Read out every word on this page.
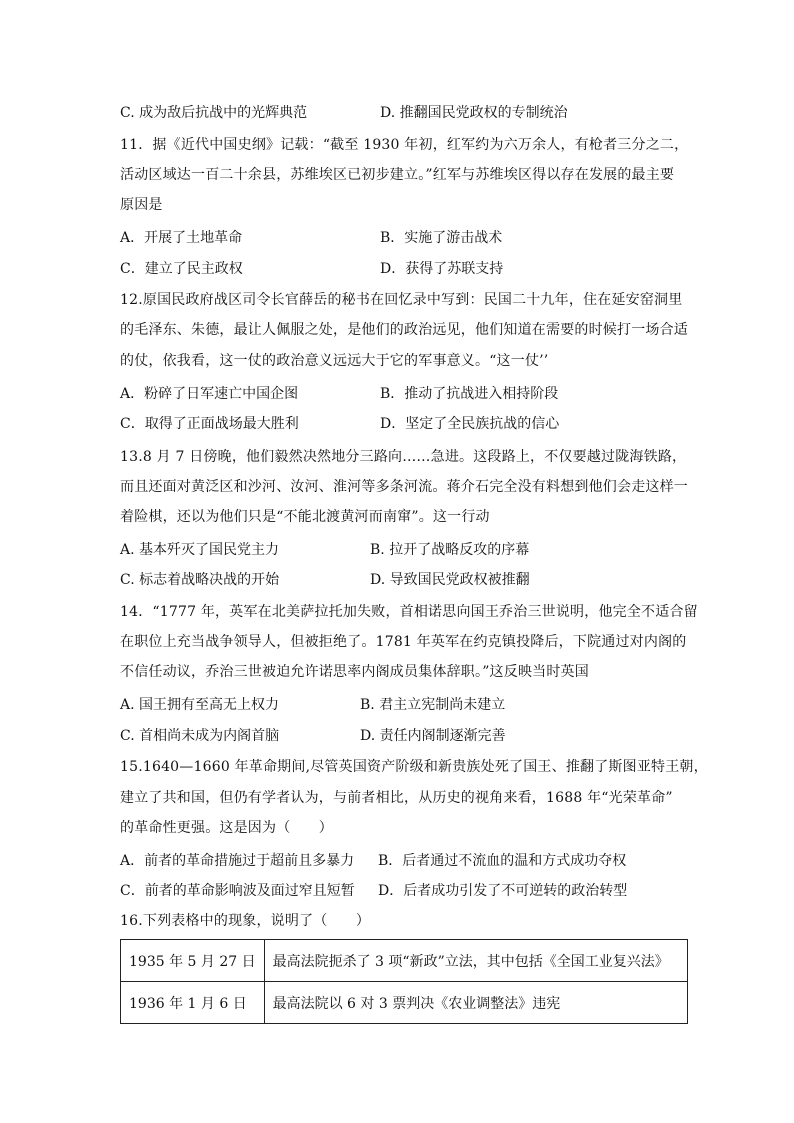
C. 成为敌后抗战中的光辉典范	D. 推翻国民党政权的专制统治
11．据《近代中国史纲》记载：“截至 1930 年初，红军约为六万余人，有枪者三分之二，
活动区域达一百二十余县，苏维埃区已初步建立。”红军与苏维埃区得以存在发展的最主要
原因是
A．开展了土地革命	B．实施了游击战术
C．建立了民主政权	D．获得了苏联支持
12.原国民政府战区司令长官薛岳的秘书在回忆录中写到：民国二十九年，住在延安窑洞里
的毛泽东、朱德，最让人佩服之处，是他们的政治远见，他们知道在需要的时候打一场合适
的仗，依我看，这一仗的政治意义远远大于它的军事意义。“这一仗’’
A．粉碎了日军速亡中国企图	B．推动了抗战进入相持阶段
C．取得了正面战场最大胜利	D．坚定了全民族抗战的信心
13.8 月 7 日傍晚，他们毅然决然地分三路向……急进。这段路上，不仅要越过陇海铁路，
而且还面对黄泛区和沙河、汝河、淮河等多条河流。蒋介石完全没有料想到他们会走这样一
着险棋，还以为他们只是“不能北渡黄河而南窜”。这一行动
A. 基本歼灭了国民党主力	B. 拉开了战略反攻的序幕
C. 标志着战略决战的开始	D. 导致国民党政权被推翻
14．“1777 年，英军在北美萨拉托加失败，首相诺思向国王乔治三世说明，他完全不适合留
在职位上充当战争领导人，但被拒绝了。1781 年英军在约克镇投降后，下院通过对内阁的
不信任动议，乔治三世被迫允许诺思率内阁成员集体辞职。”这反映当时英国
A. 国王拥有至高无上权力	B. 君主立宪制尚未建立
C. 首相尚未成为内阁首脑	D. 责任内阁制逐渐完善
15.1640—1660 年革命期间,尽管英国资产阶级和新贵族处死了国王、推翻了斯图亚特王朝，
建立了共和国，但仍有学者认为，与前者相比，从历史的视角来看，1688 年“光荣革命”
的革命性更强。这是因为（　　）
A．前者的革命措施过于超前且多暴力 B．后者通过不流血的温和方式成功夺权
C．前者的革命影响波及面过窄且短暂 D．后者成功引发了不可逆转的政治转型
16.下列表格中的现象，说明了（　　）
1935 年 5 月 27 日	最高法院扼杀了 3 项“新政”立法，其中包括《全国工业复兴法》
1936 年 1 月 6 日	最高法院以 6 对 3 票判决《农业调整法》违宪
